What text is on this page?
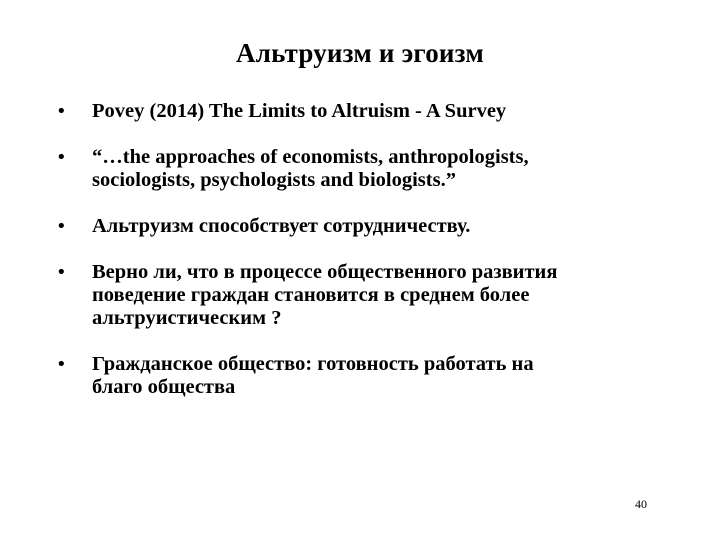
Альтруизм и эгоизм
• Povey (2014) The Limits to Altruism - A Survey
• “…the approaches of economists, anthropologists,
sociologists, psychologists and biologists.”
• Альтруизм способствует сотрудничеству.
• Верно ли, что в процессе общественного развития
поведение граждан становится в среднем более
альтруистическим ?
• Гражданское общество: готовность работать на
благо общества
40
